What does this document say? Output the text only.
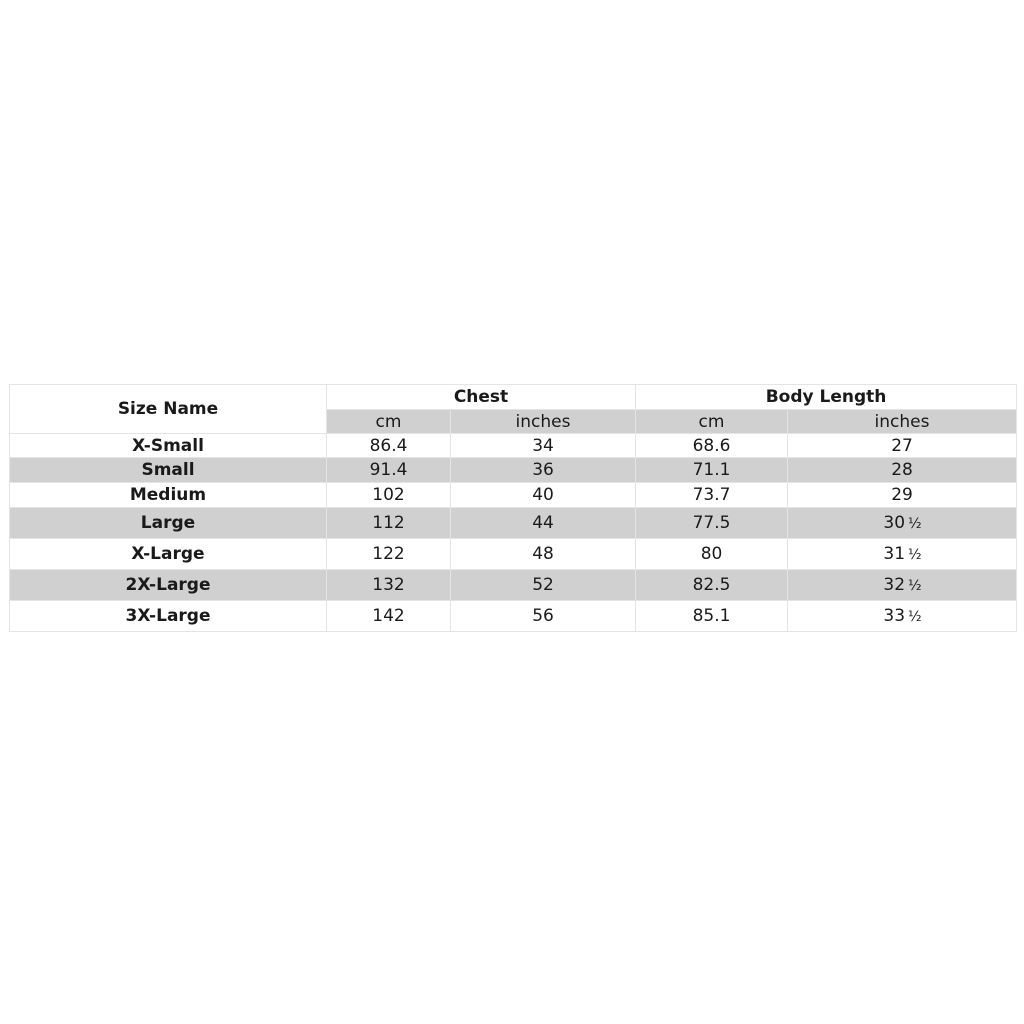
Size Name	Chest		Body Length	
	cm	inches	cm	inches
X-Small	86.4	34	68.6	27
Small	91.4	36	71.1	28
Medium	102	40	73.7	29
Large	112	44	77.5	30 ½
X-Large	122	48	80	31 ½
2X-Large	132	52	82.5	32 ½
3X-Large	142	56	85.1	33 ½
